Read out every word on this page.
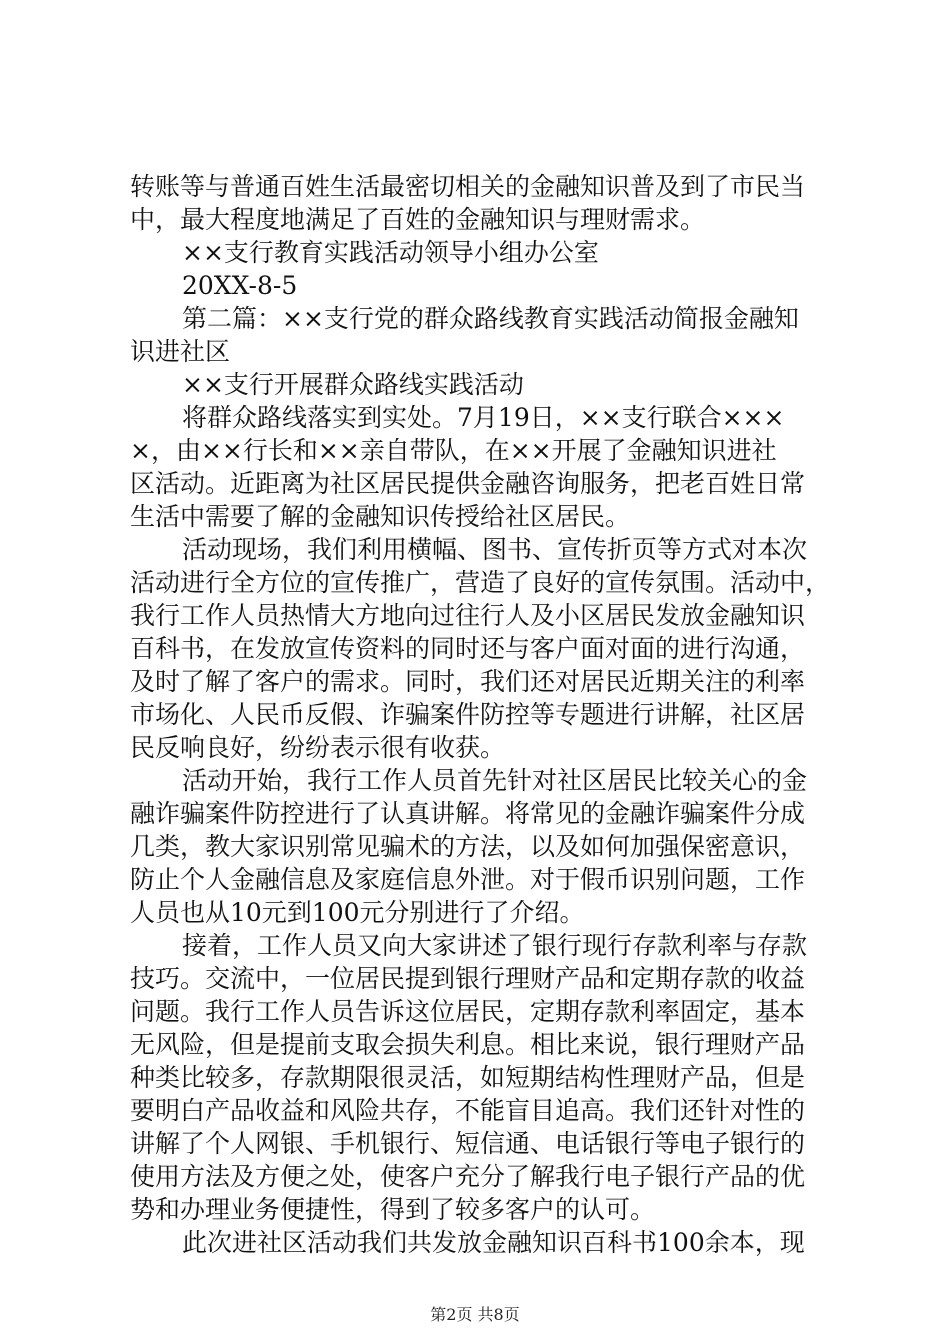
转账等与普通百姓生活最密切相关的金融知识普及到了市民当
中，最大程度地满足了百姓的金融知识与理财需求。
××支行教育实践活动领导小组办公室
20XX-8-5
第二篇：××支行党的群众路线教育实践活动简报金融知
识进社区
××支行开展群众路线实践活动
将群众路线落实到实处。7月19日，××支行联合×××
×，由××行长和××亲自带队，在××开展了金融知识进社
区活动。近距离为社区居民提供金融咨询服务，把老百姓日常
生活中需要了解的金融知识传授给社区居民。
活动现场，我们利用横幅、图书、宣传折页等方式对本次
活动进行全方位的宣传推广，营造了良好的宣传氛围。活动中，
我行工作人员热情大方地向过往行人及小区居民发放金融知识
百科书，在发放宣传资料的同时还与客户面对面的进行沟通，
及时了解了客户的需求。同时，我们还对居民近期关注的利率
市场化、人民币反假、诈骗案件防控等专题进行讲解，社区居
民反响良好，纷纷表示很有收获。
活动开始，我行工作人员首先针对社区居民比较关心的金
融诈骗案件防控进行了认真讲解。将常见的金融诈骗案件分成
几类，教大家识别常见骗术的方法，以及如何加强保密意识，
防止个人金融信息及家庭信息外泄。对于假币识别问题，工作
人员也从10元到100元分别进行了介绍。
接着，工作人员又向大家讲述了银行现行存款利率与存款
技巧。交流中，一位居民提到银行理财产品和定期存款的收益
问题。我行工作人员告诉这位居民，定期存款利率固定，基本
无风险，但是提前支取会损失利息。相比来说，银行理财产品
种类比较多，存款期限很灵活，如短期结构性理财产品，但是
要明白产品收益和风险共存，不能盲目追高。我们还针对性的
讲解了个人网银、手机银行、短信通、电话银行等电子银行的
使用方法及方便之处，使客户充分了解我行电子银行产品的优
势和办理业务便捷性，得到了较多客户的认可。
此次进社区活动我们共发放金融知识百科书100余本，现
第2页 共8页
